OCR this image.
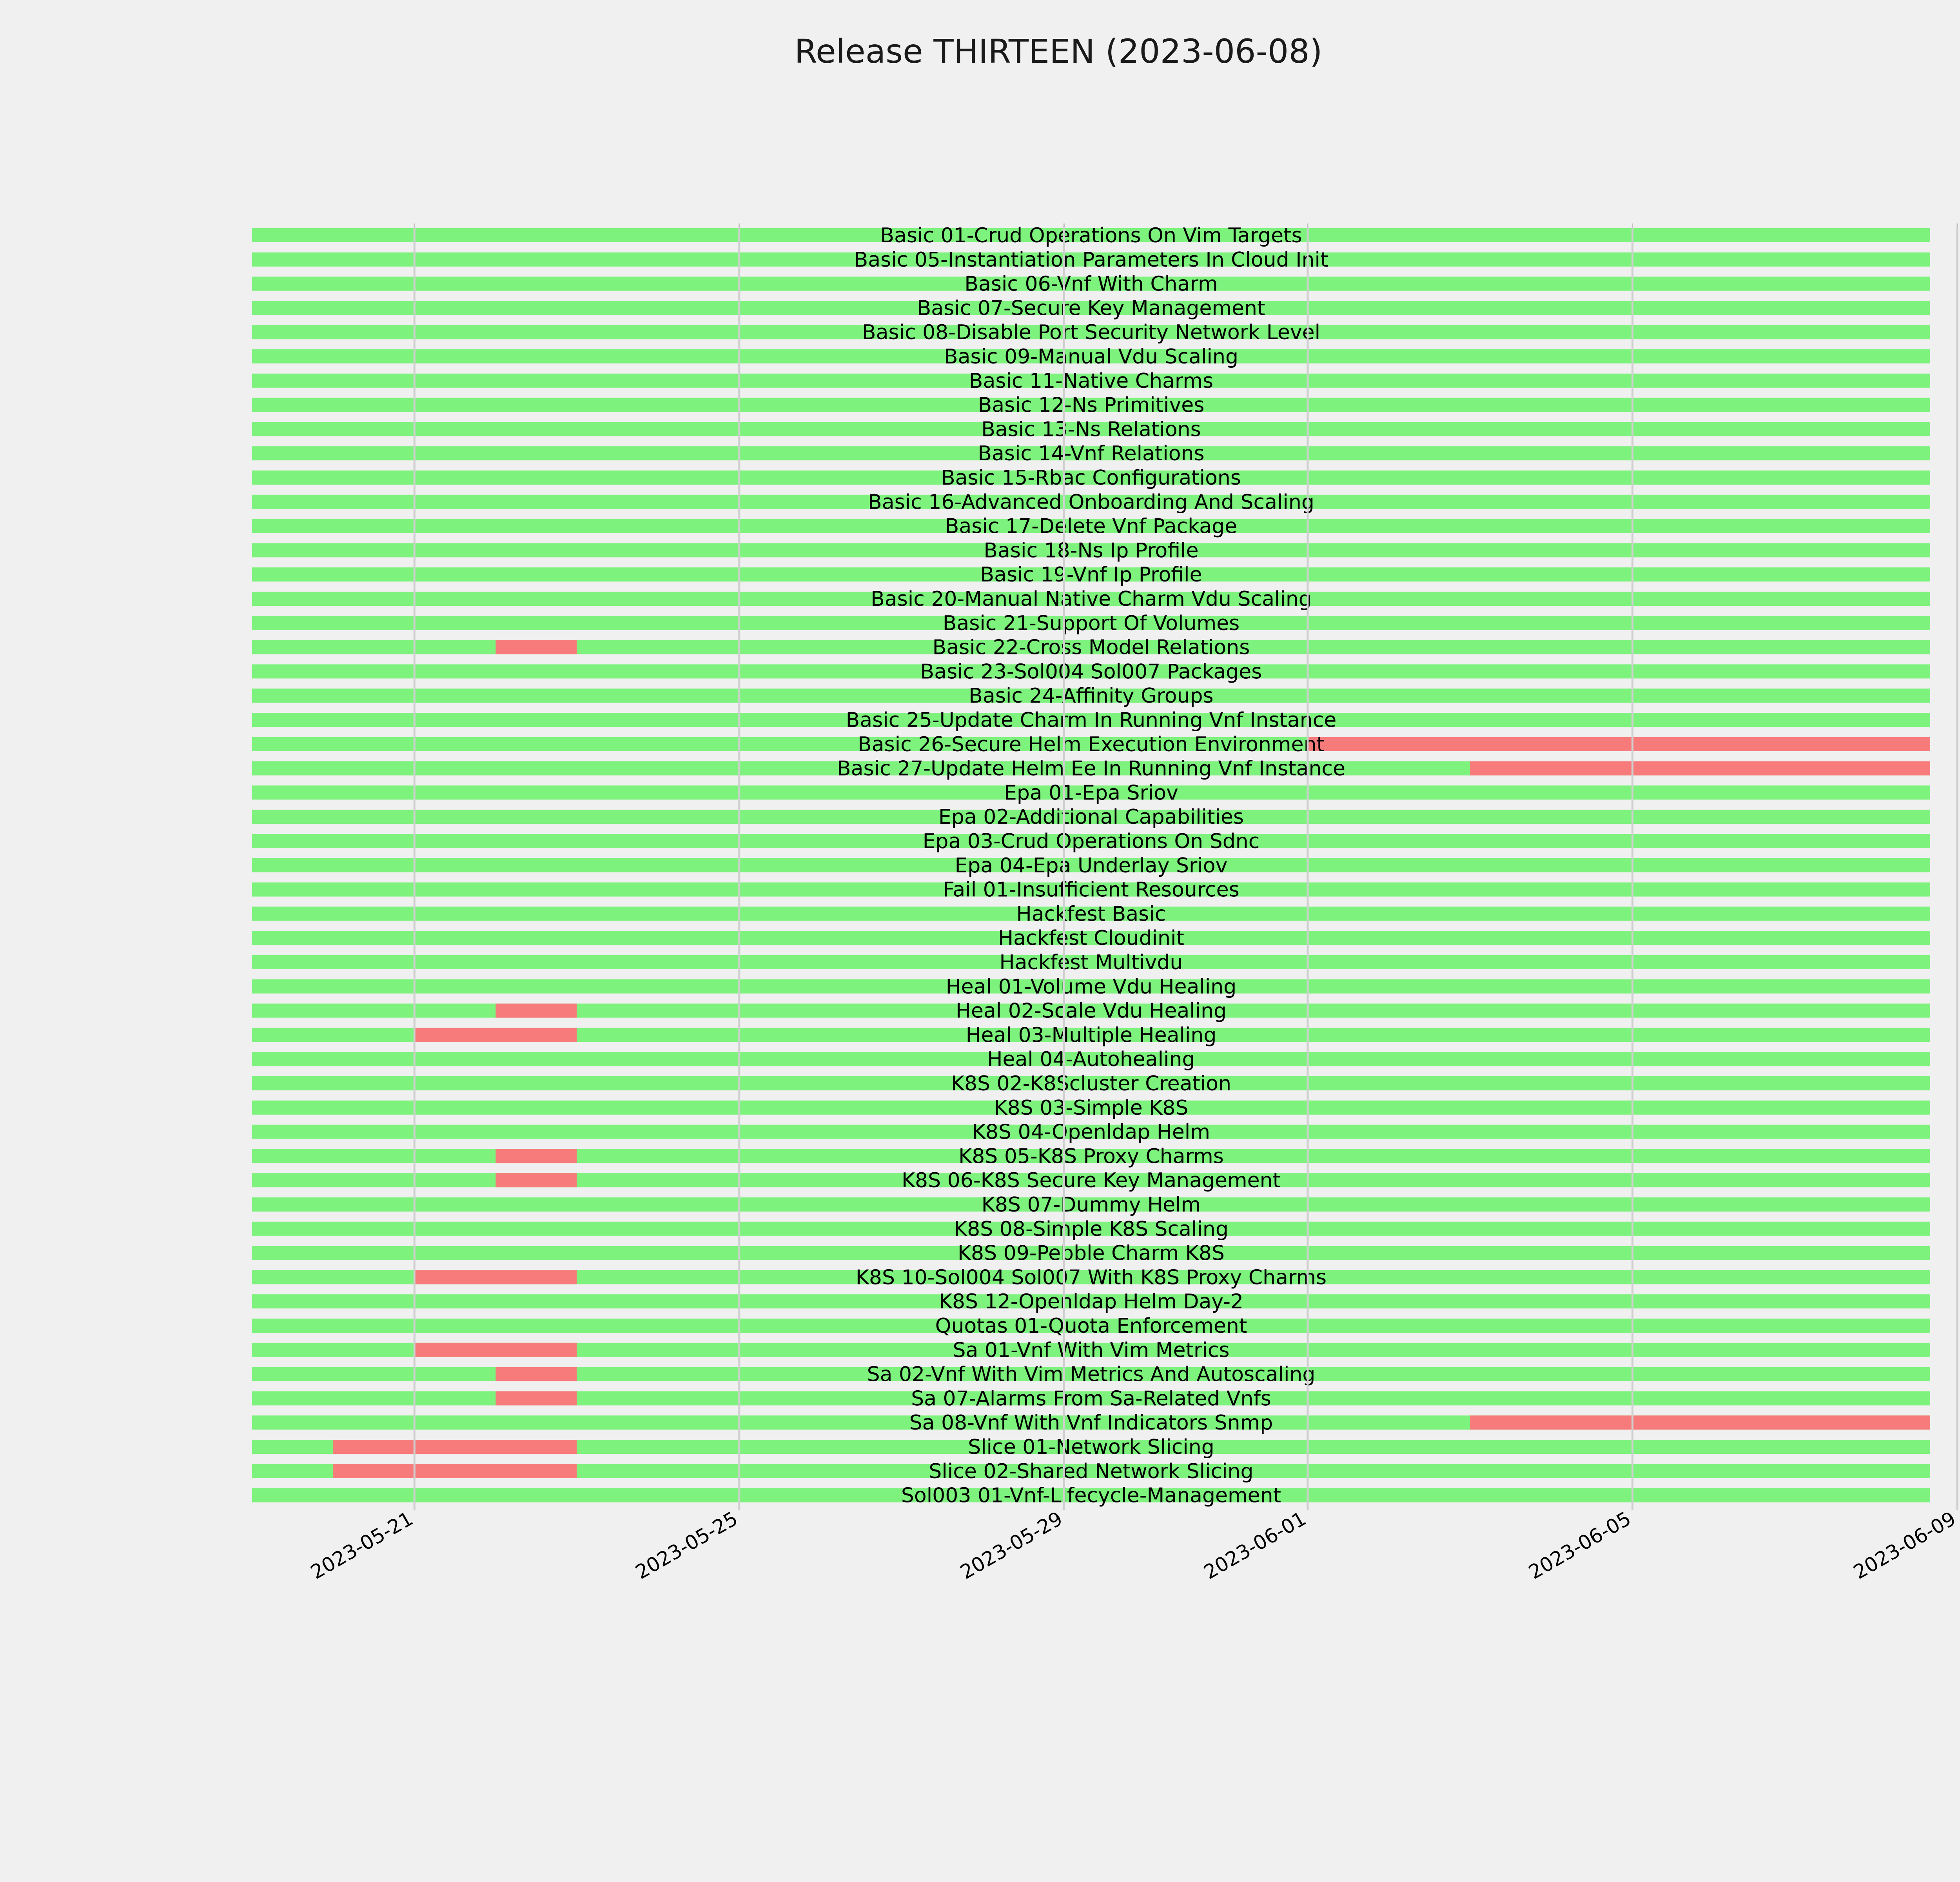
Release THIRTEEN (2023-06-08)
Basic 01-Crud Operations On Vim Targets
Basic 05-Instantiation Parameters In Cloud Init
Basic 06-Vnf With Charm
Basic 07-Secure Key Management
Basic 08-Disable Port Security Network Level
Basic 09-Manual Vdu Scaling
Basic 11-Native Charms
Basic 12-Ns Primitives
Basic 13-Ns Relations
Basic 14-Vnf Relations
Basic 15-Rbac Configurations
Basic 16-Advanced Onboarding And Scaling
Basic 17-Delete Vnf Package
Basic 18-Ns Ip Profile
Basic 19-Vnf Ip Profile
Basic 20-Manual Native Charm Vdu Scaling
Basic 21-Support Of Volumes
Basic 22-Cross Model Relations
Basic 23-Sol004 Sol007 Packages
Basic 24-Affinity Groups
Basic 25-Update Charm In Running Vnf Instance
Basic 26-Secure Helm Execution Environment
Basic 27-Update Helm Ee In Running Vnf Instance
Epa 01-Epa Sriov
Epa 02-Additional Capabilities
Epa 03-Crud Operations On Sdnc
Epa 04-Epa Underlay Sriov
Fail 01-Insufficient Resources
Hackfest Basic
Hackfest Cloudinit
Hackfest Multivdu
Heal 01-Volume Vdu Healing
Heal 02-Scale Vdu Healing
Heal 03-Multiple Healing
Heal 04-Autohealing
K8S 02-K8Scluster Creation
K8S 03-Simple K8S
K8S 04-Openldap Helm
K8S 05-K8S Proxy Charms
K8S 06-K8S Secure Key Management
K8S 07-Dummy Helm
K8S 08-Simple K8S Scaling
K8S 09-Pebble Charm K8S
K8S 10-Sol004 Sol007 With K8S Proxy Charms
K8S 12-Openldap Helm Day-2
Quotas 01-Quota Enforcement
Sa 01-Vnf With Vim Metrics
Sa 02-Vnf With Vim Metrics And Autoscaling
Sa 07-Alarms From Sa-Related Vnfs
Sa 08-Vnf With Vnf Indicators Snmp
Slice 01-Network Slicing
Slice 02-Shared Network Slicing
Sol003 01-Vnf-Lifecycle-Management
2023-05-21	2023-05-25	2023-05-29	2023-06-01	2023-06-05	2023-06-09
